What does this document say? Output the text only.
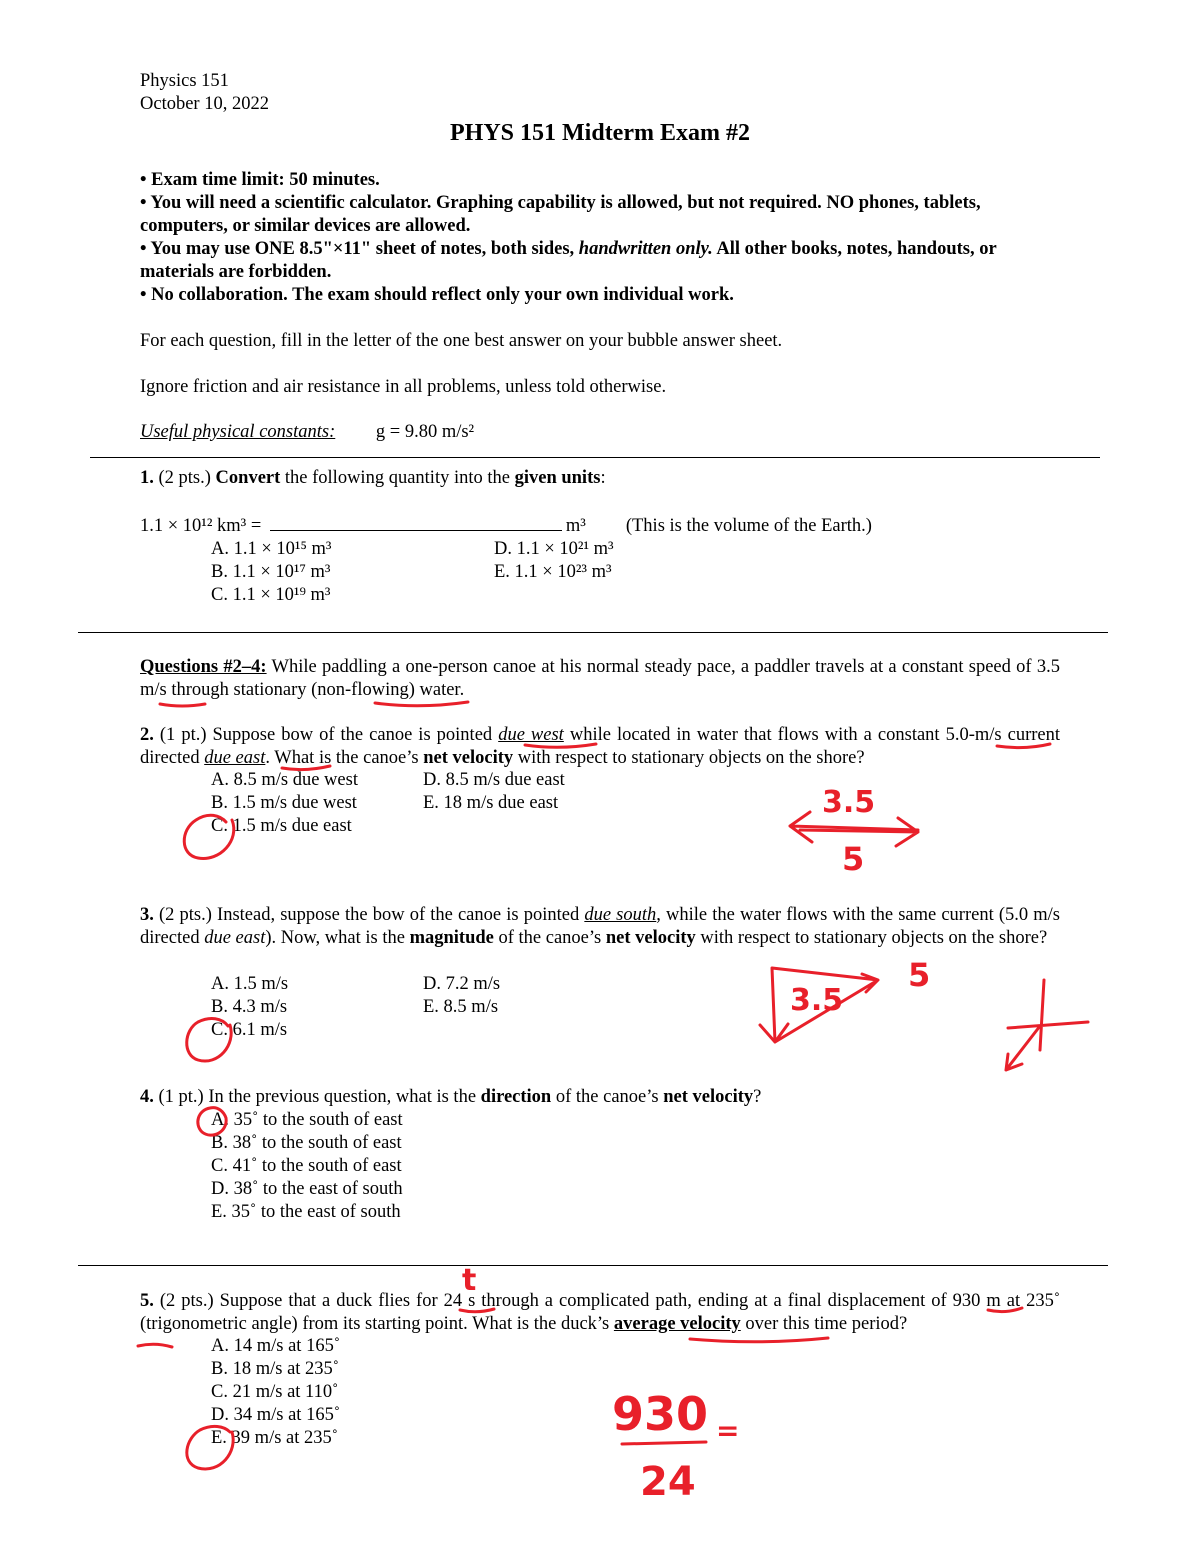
Physics 151
October 10, 2022
PHYS 151 Midterm Exam #2
• Exam time limit: 50 minutes.
• You will need a scientific calculator. Graphing capability is allowed, but not required. NO phones, tablets, computers, or similar devices are allowed.
• You may use ONE 8.5"×11" sheet of notes, both sides, handwritten only. All other books, notes, handouts, or materials are forbidden.
• No collaboration. The exam should reflect only your own individual work.
For each question, fill in the letter of the one best answer on your bubble answer sheet.
Ignore friction and air resistance in all problems, unless told otherwise.
Useful physical constants: g = 9.80 m/s²
1. (2 pts.) Convert the following quantity into the given units:
1.1 × 10¹² km³ =	m³ (This is the volume of the Earth.)
A. 1.1 × 10¹⁵ m³
B. 1.1 × 10¹⁷ m³
C. 1.1 × 10¹⁹ m³
D. 1.1 × 10²¹ m³
E. 1.1 × 10²³ m³
Questions #2–4: While paddling a one-person canoe at his normal steady pace, a paddler travels at a constant speed of 3.5 m/s through stationary (non-flowing) water.
2. (1 pt.) Suppose bow of the canoe is pointed due west while located in water that flows with a constant 5.0-m/s current directed due east. What is the canoe’s net velocity with respect to stationary objects on the shore?
A. 8.5 m/s due west
B. 1.5 m/s due west
C. 1.5 m/s due east
D. 8.5 m/s due east
E. 18 m/s due east
3. (2 pts.) Instead, suppose the bow of the canoe is pointed due south, while the water flows with the same current (5.0 m/s directed due east). Now, what is the magnitude of the canoe’s net velocity with respect to stationary objects on the shore?
A. 1.5 m/s
B. 4.3 m/s
C. 6.1 m/s
D. 7.2 m/s
E. 8.5 m/s
4. (1 pt.) In the previous question, what is the direction of the canoe’s net velocity?
A. 35˚ to the south of east
B. 38˚ to the south of east
C. 41˚ to the south of east
D. 38˚ to the east of south
E. 35˚ to the east of south
5. (2 pts.) Suppose that a duck flies for 24 s through a complicated path, ending at a final displacement of 930 m at 235˚ (trigonometric angle) from its starting point. What is the duck’s average velocity over this time period?
A. 14 m/s at 165˚
B. 18 m/s at 235˚
C. 21 m/s at 110˚
D. 34 m/s at 165˚
E. 39 m/s at 235˚
3.5
5
3.5
5
t
930
24
=
